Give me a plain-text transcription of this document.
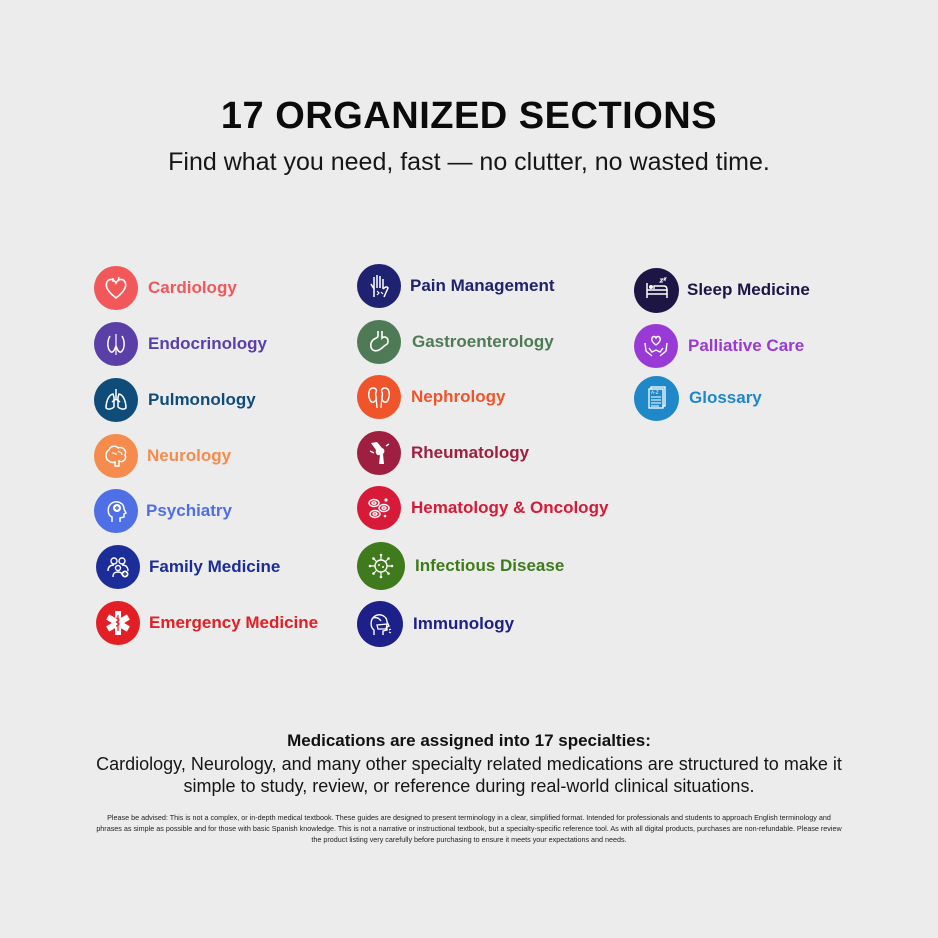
17 ORGANIZED SECTIONS
Find what you need, fast — no clutter, no wasted time.
Cardiology
Endocrinology
Pulmonology
Neurology
Psychiatry
Family Medicine
Emergency Medicine
Pain Management
Gastroenterology
Nephrology
Rheumatology
Hematology & Oncology
Infectious Disease
Immunology
Sleep Medicine
Palliative Care
A-Z Glossary
Medications are assigned into 17 specialties:
Cardiology, Neurology, and many other specialty related medications are structured to make it simple to study, review, or reference during real-world clinical situations.
Please be advised: This is not a complex, or in-depth medical textbook. These guides are designed to present terminology in a clear, simplified format. Intended for professionals and students to approach English terminology and phrases as simple as possible and for those with basic Spanish knowledge. This is not a narrative or instructional textbook, but a specialty-specific reference tool. As with all digital products, purchases are non-refundable. Please review the product listing very carefully before purchasing to ensure it meets your expectations and needs.
